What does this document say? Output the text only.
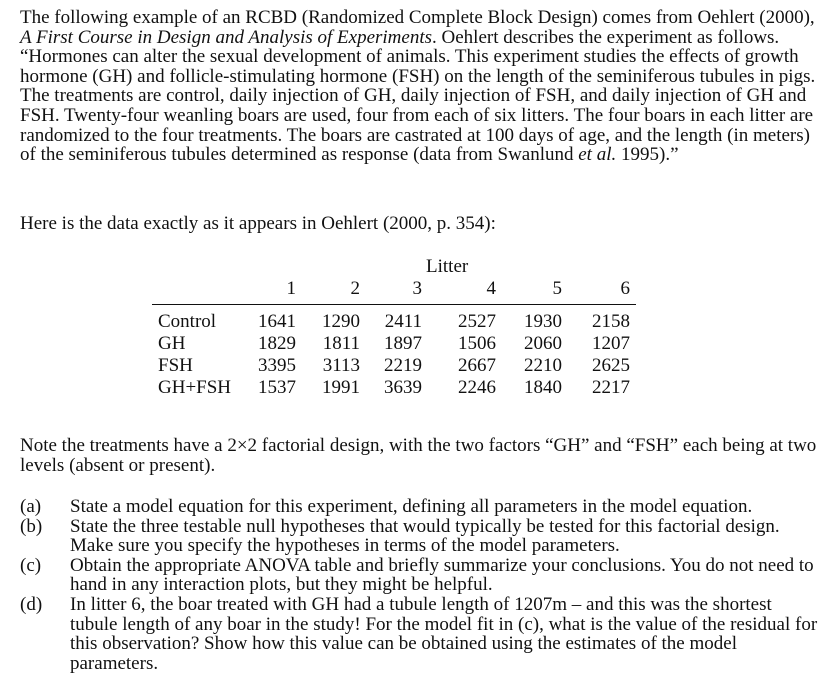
The following example of an RCBD (Randomized Complete Block Design) comes from Oehlert (2000), A First Course in Design and Analysis of Experiments. Oehlert describes the experiment as follows. “Hormones can alter the sexual development of animals. This experiment studies the effects of growth hormone (GH) and follicle-stimulating hormone (FSH) on the length of the seminiferous tubules in pigs. The treatments are control, daily injection of GH, daily injection of FSH, and daily injection of GH and FSH. Twenty-four weanling boars are used, four from each of six litters. The four boars in each litter are randomized to the four treatments. The boars are castrated at 100 days of age, and the length (in meters) of the seminiferous tubules determined as response (data from Swanlund et al. 1995).”
Here is the data exactly as it appears in Oehlert (2000, p. 354):
Litter
1	2	3	4	5	6
Control	1641	1290	2411	2527	1930	2158
GH	1829	1811	1897	1506	2060	1207
FSH	3395	3113	2219	2667	2210	2625
GH+FSH	1537	1991	3639	2246	1840	2217
Note the treatments have a 2×2 factorial design, with the two factors “GH” and “FSH” each being at two levels (absent or present).
(a) State a model equation for this experiment, defining all parameters in the model equation.
(b) State the three testable null hypotheses that would typically be tested for this factorial design. Make sure you specify the hypotheses in terms of the model parameters.
(c) Obtain the appropriate ANOVA table and briefly summarize your conclusions. You do not need to hand in any interaction plots, but they might be helpful.
(d) In litter 6, the boar treated with GH had a tubule length of 1207m – and this was the shortest tubule length of any boar in the study! For the model fit in (c), what is the value of the residual for this observation? Show how this value can be obtained using the estimates of the model parameters.
